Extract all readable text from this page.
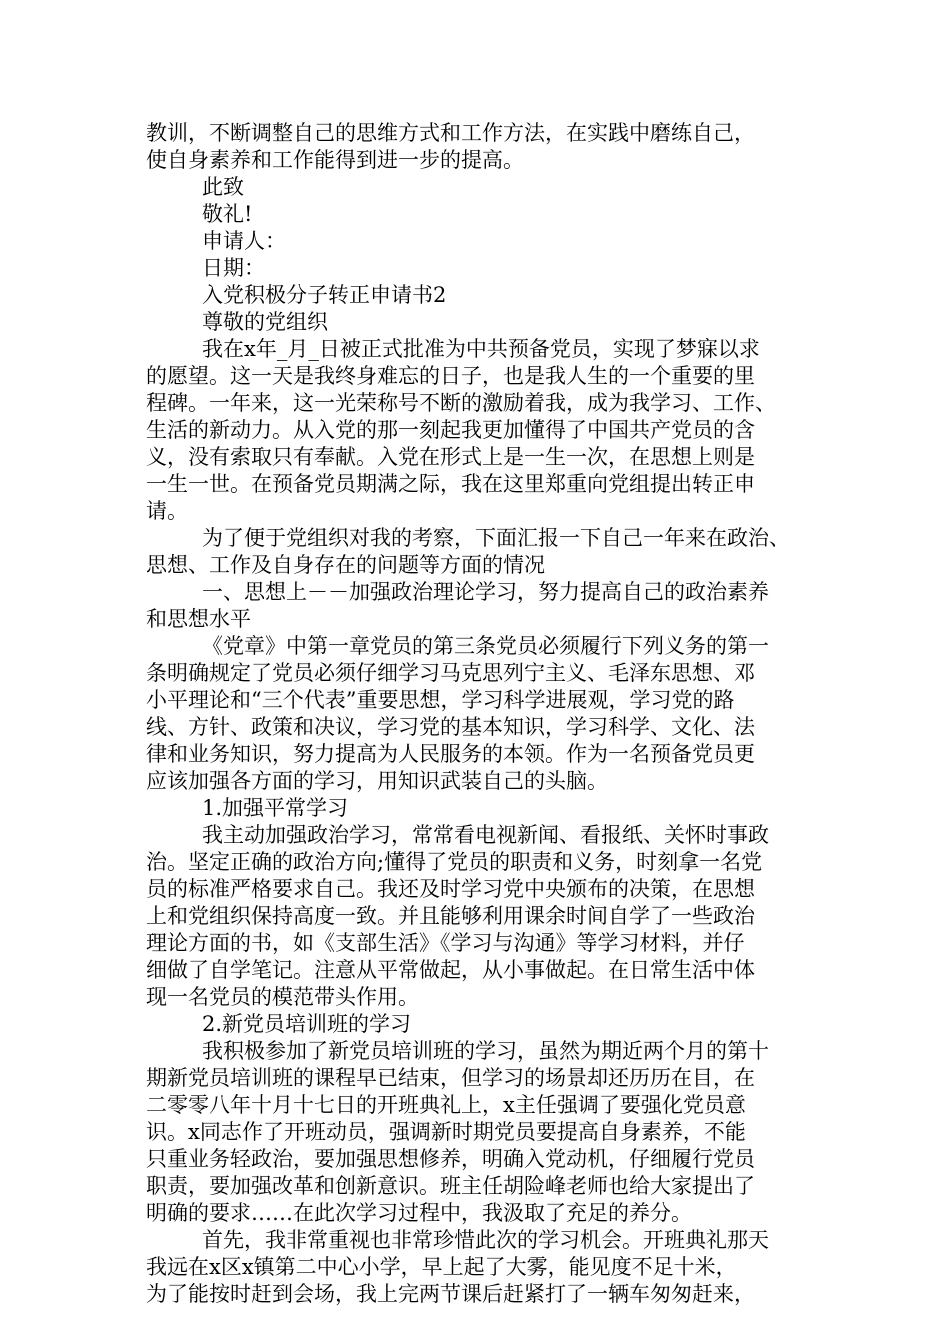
教训，不断调整自己的思维方式和工作方法，在实践中磨练自己，
使自身素养和工作能得到进一步的提高。
此致
敬礼!
申请人：
日期：
入党积极分子转正申请书2
尊敬的党组织
我在x年_月_日被正式批准为中共预备党员，实现了梦寐以求
的愿望。这一天是我终身难忘的日子，也是我人生的一个重要的里
程碑。一年来，这一光荣称号不断的激励着我，成为我学习、工作、
生活的新动力。从入党的那一刻起我更加懂得了中国共产党员的含
义，没有索取只有奉献。入党在形式上是一生一次，在思想上则是
一生一世。在预备党员期满之际，我在这里郑重向党组提出转正申
请。
为了便于党组织对我的考察，下面汇报一下自己一年来在政治、
思想、工作及自身存在的问题等方面的情况
一、思想上－－加强政治理论学习，努力提高自己的政治素养
和思想水平
《党章》中第一章党员的第三条党员必须履行下列义务的第一
条明确规定了党员必须仔细学习马克思列宁主义、毛泽东思想、邓
小平理论和“三个代表”重要思想，学习科学进展观，学习党的路
线、方针、政策和决议，学习党的基本知识，学习科学、文化、法
律和业务知识，努力提高为人民服务的本领。作为一名预备党员更
应该加强各方面的学习，用知识武装自己的头脑。
1.加强平常学习
我主动加强政治学习，常常看电视新闻、看报纸、关怀时事政
治。坚定正确的政治方向;懂得了党员的职责和义务，时刻拿一名党
员的标准严格要求自己。我还及时学习党中央颁布的决策，在思想
上和党组织保持高度一致。并且能够利用课余时间自学了一些政治
理论方面的书，如《支部生活》《学习与沟通》等学习材料，并仔
细做了自学笔记。注意从平常做起，从小事做起。在日常生活中体
现一名党员的模范带头作用。
2.新党员培训班的学习
我积极参加了新党员培训班的学习，虽然为期近两个月的第十
期新党员培训班的课程早已结束，但学习的场景却还历历在目，在
二零零八年十月十七日的开班典礼上，x主任强调了要强化党员意
识。x同志作了开班动员，强调新时期党员要提高自身素养，不能
只重业务轻政治，要加强思想修养，明确入党动机，仔细履行党员
职责，要加强改革和创新意识。班主任胡险峰老师也给大家提出了
明确的要求……在此次学习过程中，我汲取了充足的养分。
首先，我非常重视也非常珍惜此次的学习机会。开班典礼那天
我远在x区x镇第二中心小学，早上起了大雾，能见度不足十米，
为了能按时赶到会场，我上完两节课后赶紧打了一辆车匆匆赶来，
